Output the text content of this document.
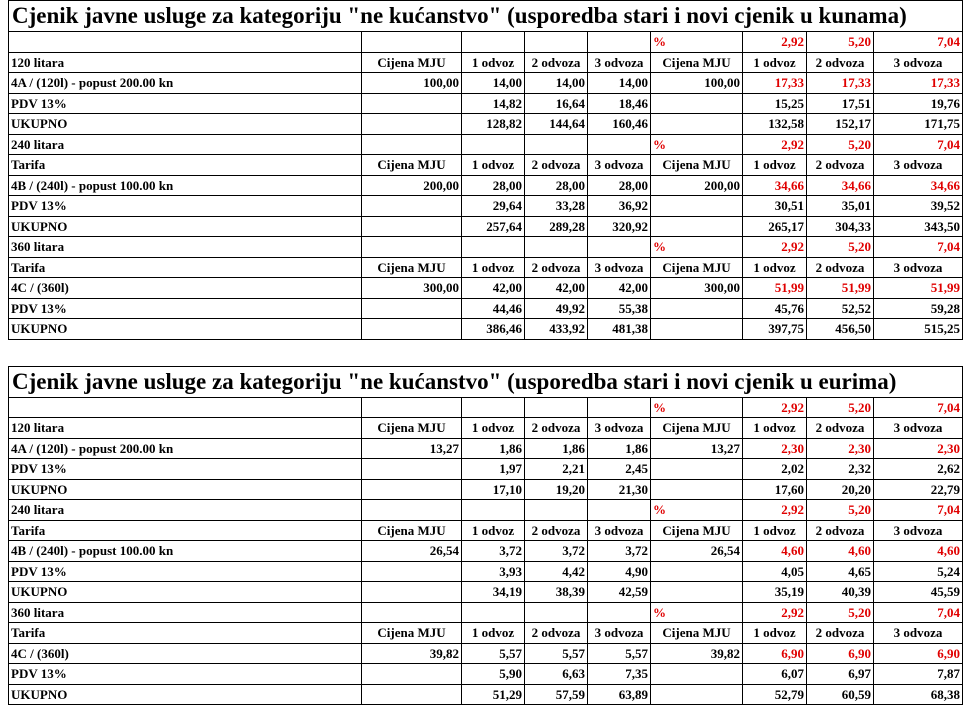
Cjenik javne usluge za kategoriju "ne kućanstvo" (usporedba stari i novi cjenik u kunama)								
					%	2,92	5,20	7,04
120 litara	Cijena MJU	1 odvoz	2 odvoza	3 odvoza	Cijena MJU	1 odvoz	2 odvoza	3 odvoza
4A / (120l) - popust 200.00 kn	100,00	14,00	14,00	14,00	100,00	17,33	17,33	17,33
PDV 13%		14,82	16,64	18,46		15,25	17,51	19,76
UKUPNO		128,82	144,64	160,46		132,58	152,17	171,75
240 litara					%	2,92	5,20	7,04
Tarifa	Cijena MJU	1 odvoz	2 odvoza	3 odvoza	Cijena MJU	1 odvoz	2 odvoza	3 odvoza
4B / (240l) - popust 100.00 kn	200,00	28,00	28,00	28,00	200,00	34,66	34,66	34,66
PDV 13%		29,64	33,28	36,92		30,51	35,01	39,52
UKUPNO		257,64	289,28	320,92		265,17	304,33	343,50
360 litara					%	2,92	5,20	7,04
Tarifa	Cijena MJU	1 odvoz	2 odvoza	3 odvoza	Cijena MJU	1 odvoz	2 odvoza	3 odvoza
4C / (360l)	300,00	42,00	42,00	42,00	300,00	51,99	51,99	51,99
PDV 13%		44,46	49,92	55,38		45,76	52,52	59,28
UKUPNO		386,46	433,92	481,38		397,75	456,50	515,25
Cjenik javne usluge za kategoriju "ne kućanstvo" (usporedba stari i novi cjenik u eurima)								
					%	2,92	5,20	7,04
120 litara	Cijena MJU	1 odvoz	2 odvoza	3 odvoza	Cijena MJU	1 odvoz	2 odvoza	3 odvoza
4A / (120l) - popust 200.00 kn	13,27	1,86	1,86	1,86	13,27	2,30	2,30	2,30
PDV 13%		1,97	2,21	2,45		2,02	2,32	2,62
UKUPNO		17,10	19,20	21,30		17,60	20,20	22,79
240 litara					%	2,92	5,20	7,04
Tarifa	Cijena MJU	1 odvoz	2 odvoza	3 odvoza	Cijena MJU	1 odvoz	2 odvoza	3 odvoza
4B / (240l) - popust 100.00 kn	26,54	3,72	3,72	3,72	26,54	4,60	4,60	4,60
PDV 13%		3,93	4,42	4,90		4,05	4,65	5,24
UKUPNO		34,19	38,39	42,59		35,19	40,39	45,59
360 litara					%	2,92	5,20	7,04
Tarifa	Cijena MJU	1 odvoz	2 odvoza	3 odvoza	Cijena MJU	1 odvoz	2 odvoza	3 odvoza
4C / (360l)	39,82	5,57	5,57	5,57	39,82	6,90	6,90	6,90
PDV 13%		5,90	6,63	7,35		6,07	6,97	7,87
UKUPNO		51,29	57,59	63,89		52,79	60,59	68,38
